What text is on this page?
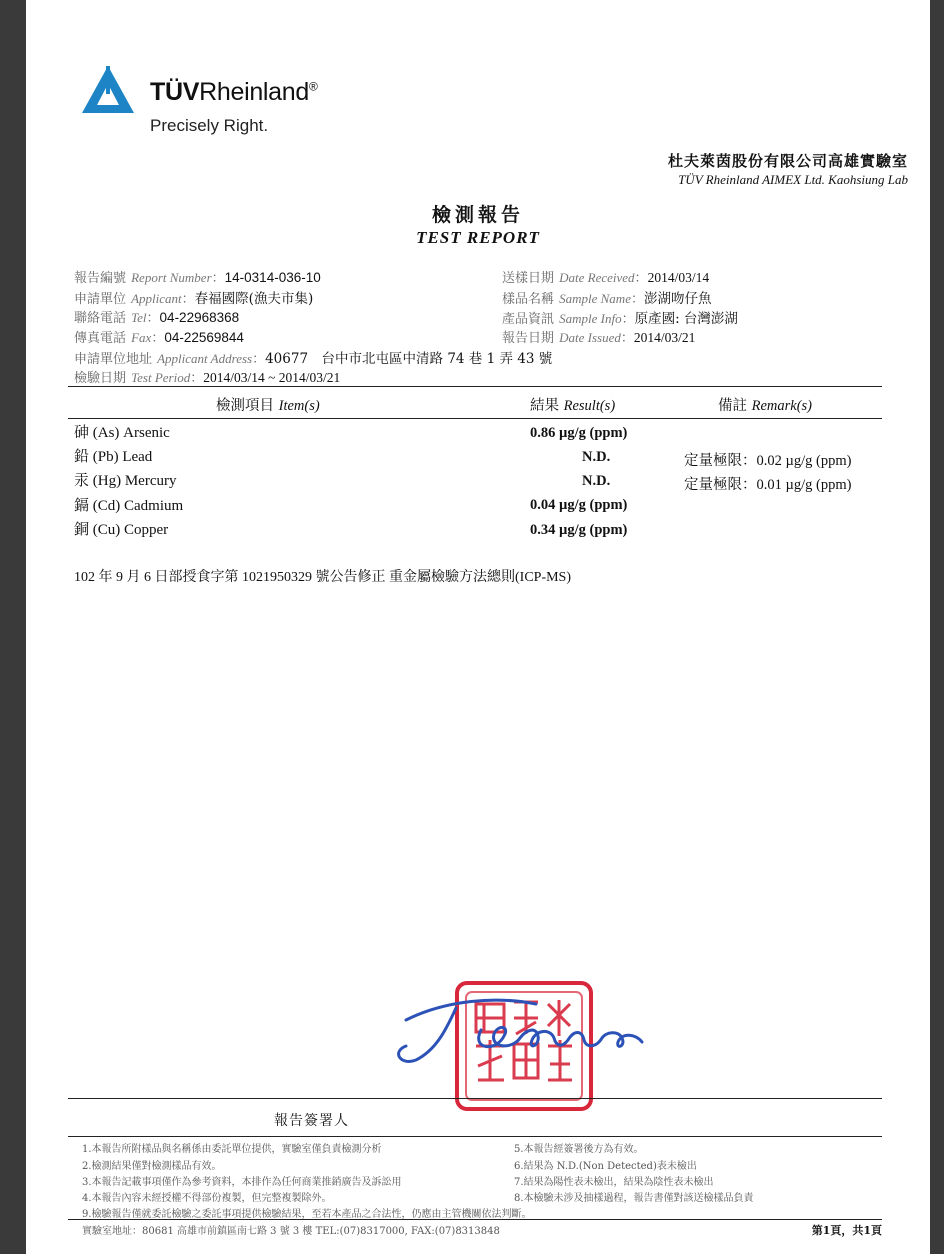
TÜVRheinland®
Precisely Right.
杜夫萊茵股份有限公司高雄實驗室
TÜV Rheinland AIMEX Ltd. Kaohsiung Lab
檢測報告
TEST REPORT
報告編號 Report Number：14-0314-036-10
申請單位 Applicant：春福國際(漁夫市集)
聯絡電話 Tel：04-22968368
傳真電話 Fax：04-22569844
申請單位地址 Applicant Address：40677　台中市北屯區中清路 74 巷 1 弄 43 號
檢驗日期 Test Period：2014/03/14 ~ 2014/03/21
送樣日期 Date Received：2014/03/14
樣品名稱 Sample Name：澎湖吻仔魚
產品資訊 Sample Info：原產國: 台灣澎湖
報告日期 Date Issued：2014/03/21
檢測項目 Item(s)	結果 Result(s)	備註 Remark(s)
砷 (As) Arsenic	0.86 µg/g (ppm)
鉛 (Pb) Lead	N.D.	定量極限：0.02 µg/g (ppm)
汞 (Hg) Mercury	N.D.	定量極限：0.01 µg/g (ppm)
鎘 (Cd) Cadmium	0.04 µg/g (ppm)
銅 (Cu) Copper	0.34 µg/g (ppm)
102 年 9 月 6 日部授食字第 1021950329 號公告修正 重金屬檢驗方法總則(ICP-MS)
報告簽署人
1.本報告所附樣品與名稱係由委託單位提供，實驗室僅負責檢測分析
2.檢測結果僅對檢測樣品有效。
3.本報告記載事項僅作為參考資料，本排作為任何商業推銷廣告及訴訟用
4.本報告內容未經授權不得部份複製，但完整複製除外。
9.檢驗報告僅就委託檢驗之委託事項提供檢驗結果，至若本產品之合法性，仍應由主管機關依法判斷。
5.本報告經簽署後方為有效。
6.結果為 N.D.(Non Detected)表未檢出
7.結果為陽性表未檢出，結果為陰性表未檢出
8.本檢驗未涉及抽樣過程，報告書僅對該送檢樣品負責
實驗室地址：80681 高雄市前鎮區南七路 3 號 3 樓 TEL:(07)8317000, FAX:(07)8313848	第1頁，共1頁
